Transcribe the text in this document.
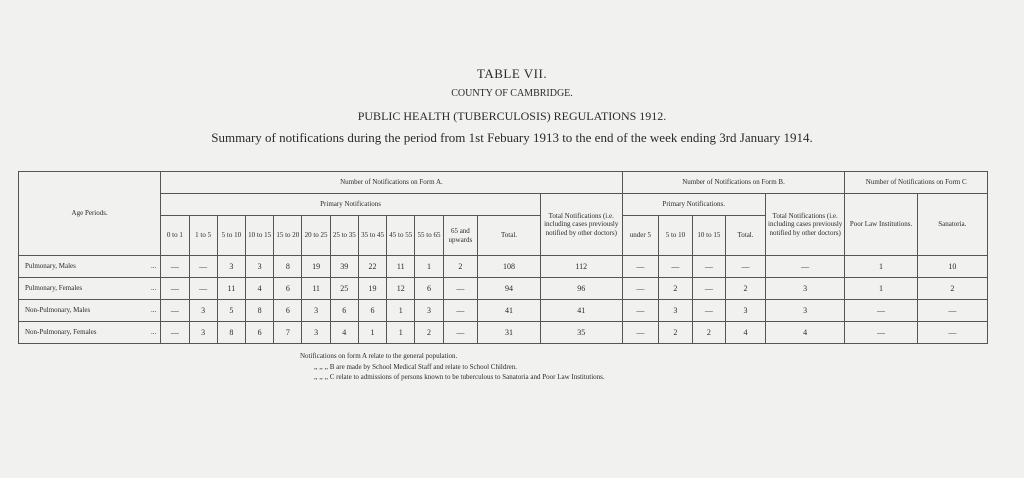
TABLE VII.
COUNTY OF CAMBRIDGE.
PUBLIC HEALTH (TUBERCULOSIS) REGULATIONS 1912.
Summary of notifications during the period from 1st Febuary 1913 to the end of the week ending 3rd January 1914.
Age Periods.	Number of Notifications on Form A.													Number of Notifications on Form B.					Number of Notifications on Form C	
	Primary Notifications												Total Notifications (i.e. including cases previously notified by other doctors)	Primary Notifications.				Total Notifications (i.e. including cases previously notified by other doctors)	Poor Law Institutions.	Sanatoria.
	0 to 1	1 to 5	5 to 10	10 to 15	15 to 20	20 to 25	25 to 35	35 to 45	45 to 55	55 to 65	65 and upwards	Total.		under 5	5 to 10	10 to 15	Total.			

...
Pulmonary, Males	—	—	3	3	8	19	39	22	11	1	2	108	112	—	—	—	—	—	1	10

...
Pulmonary, Females	—	—	11	4	6	11	25	19	12	6	—	94	96	—	2	—	2	3	1	2

...
Non-Pulmonary, Males	—	3	5	8	6	3	6	6	1	3	—	41	41	—	3	—	3	3	—	—

...
Non-Pulmonary, Females	—	3	8	6	7	3	4	1	1	2	—	31	35	—	2	2	4	4	—	—
Notifications on form A relate to the general population.
,, ,, ,, B are made by School Medical Staff and relate to School Children.
,, ,, ,, C relate to admissions of persons known to be tuberculous to Sanatoria and Poor Law Institutions.
